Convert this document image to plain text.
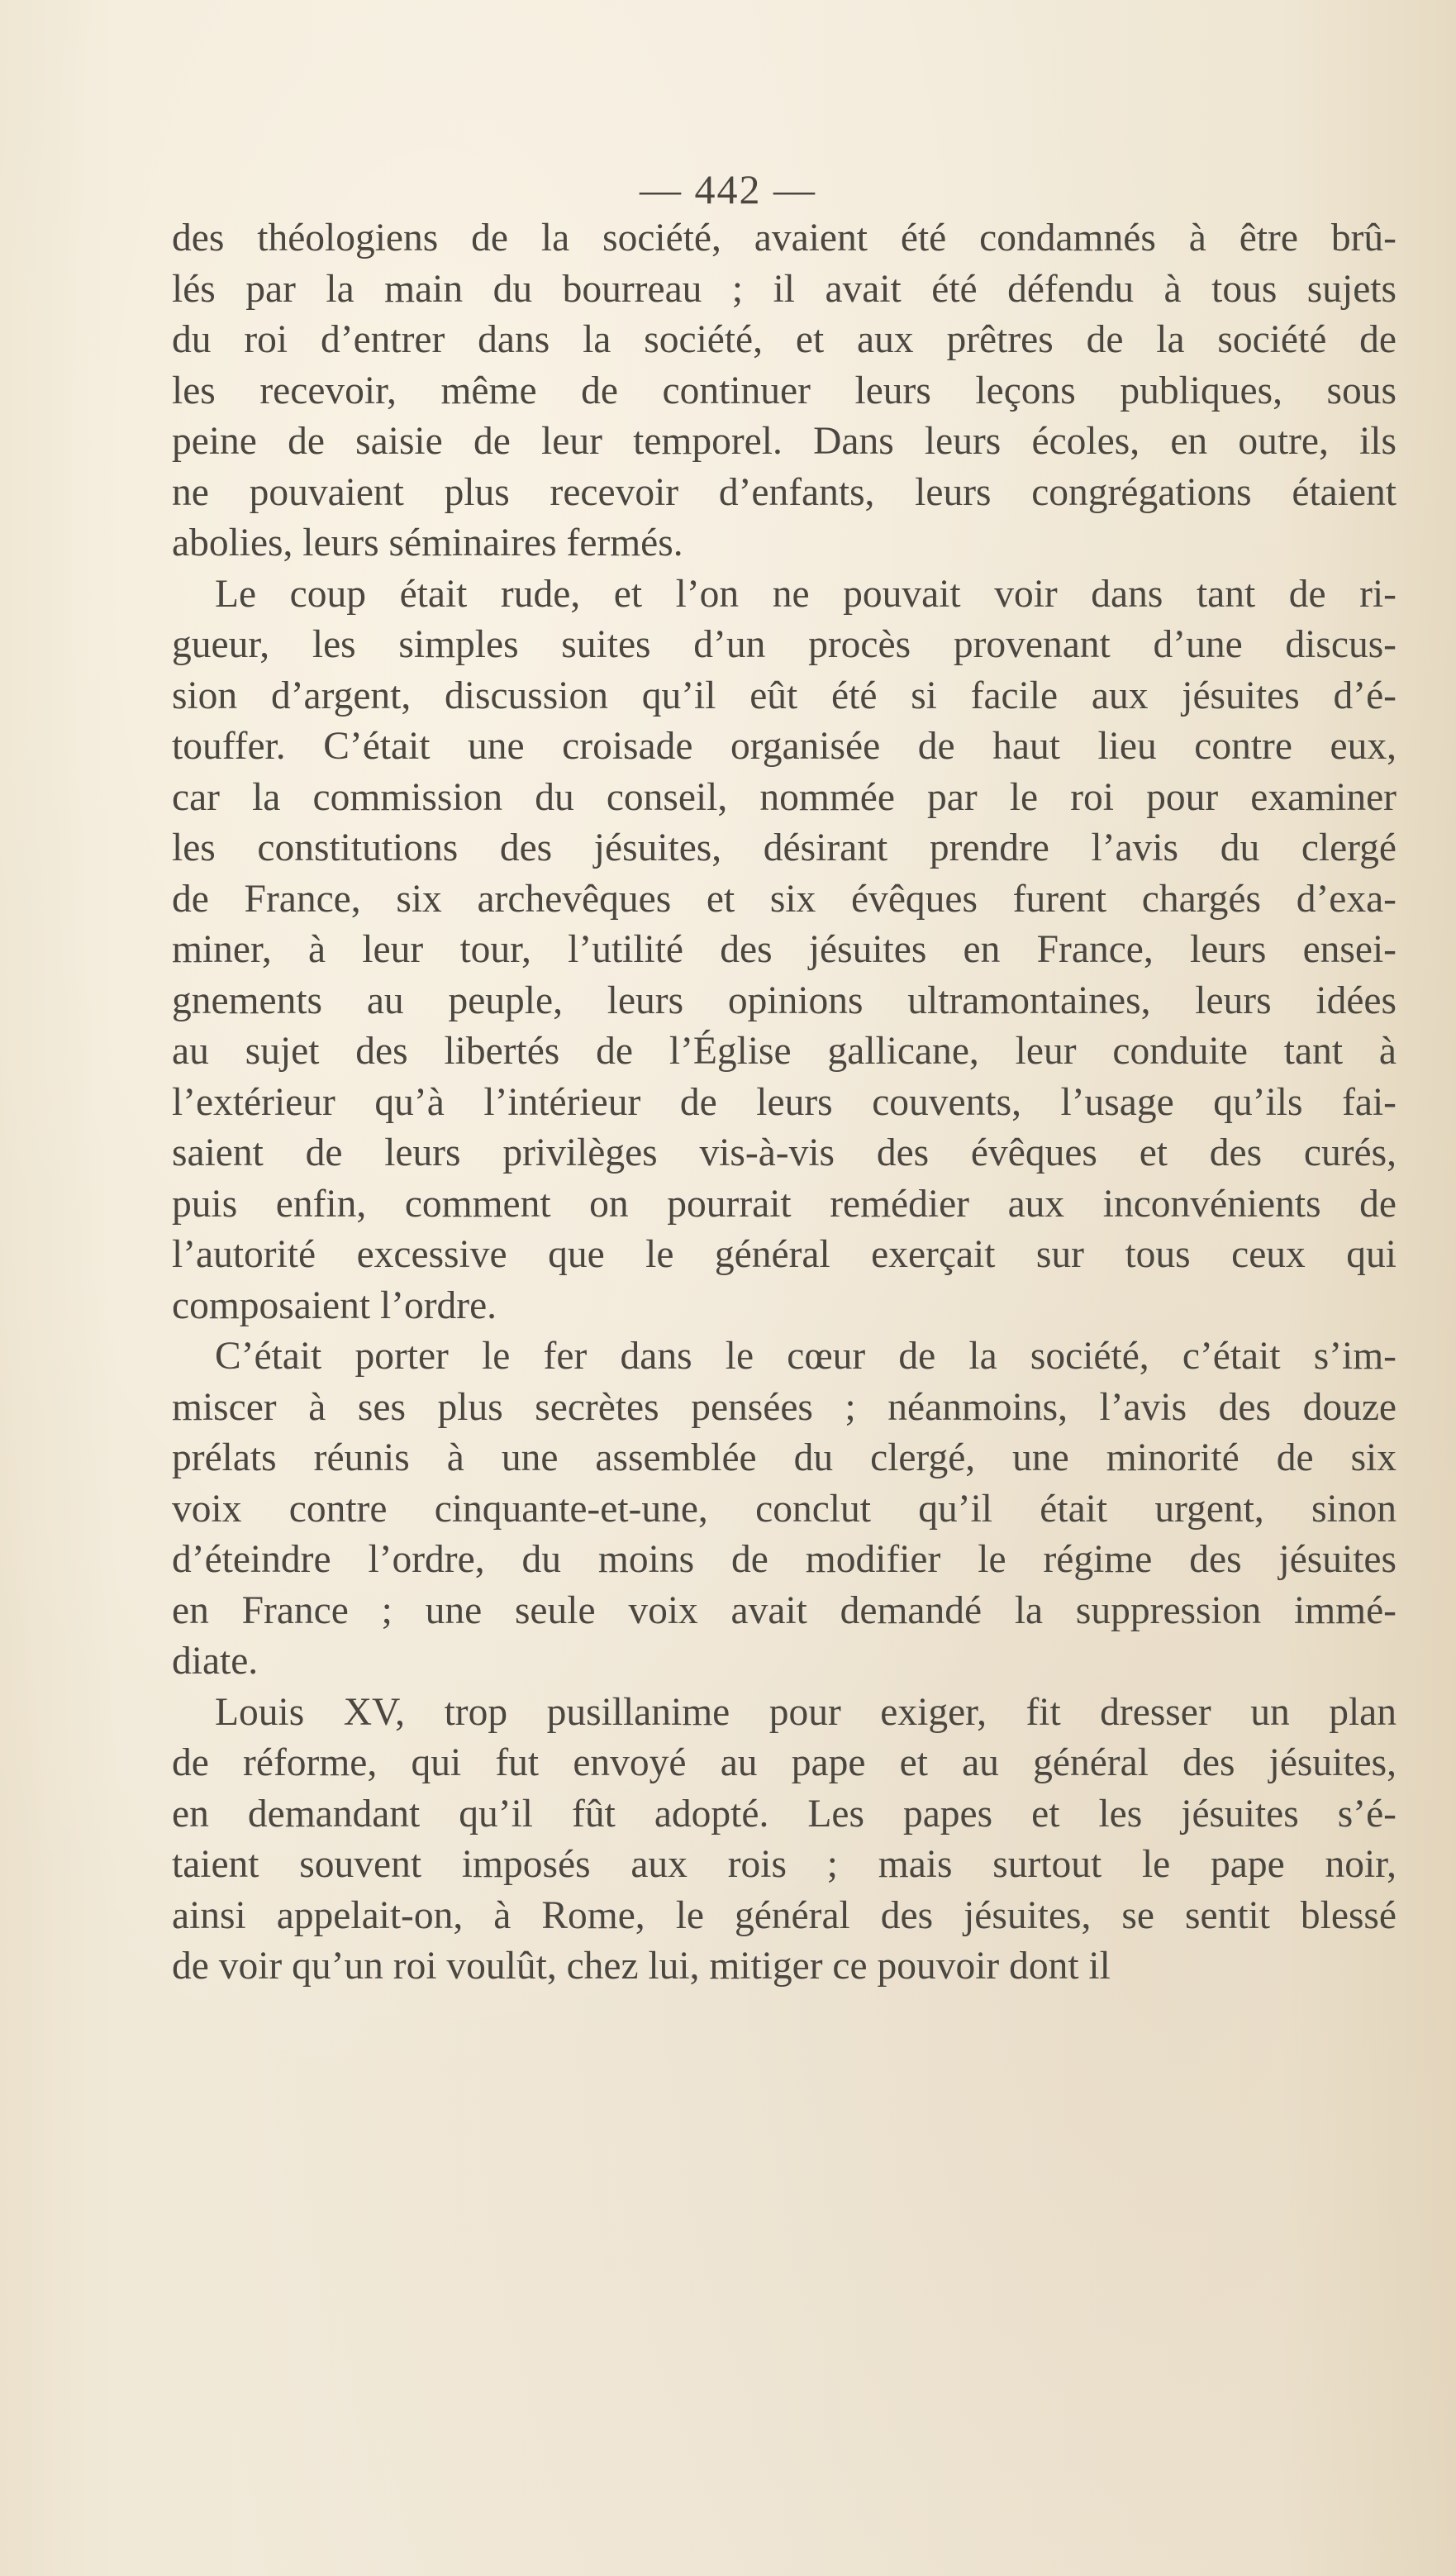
— 442 —
des théologiens de la société, avaient été condamnés à être brû-
lés par la main du bourreau ; il avait été défendu à tous sujets
du roi d’entrer dans la société, et aux prêtres de la société de
les recevoir, même de continuer leurs leçons publiques, sous
peine de saisie de leur temporel. Dans leurs écoles, en outre, ils
ne pouvaient plus recevoir d’enfants, leurs congrégations étaient
abolies, leurs séminaires fermés.
Le coup était rude, et l’on ne pouvait voir dans tant de ri-
gueur, les simples suites d’un procès provenant d’une discus-
sion d’argent, discussion qu’il eût été si facile aux jésuites d’é-
touffer. C’était une croisade organisée de haut lieu contre eux,
car la commission du conseil, nommée par le roi pour examiner
les constitutions des jésuites, désirant prendre l’avis du clergé
de France, six archevêques et six évêques furent chargés d’exa-
miner, à leur tour, l’utilité des jésuites en France, leurs ensei-
gnements au peuple, leurs opinions ultramontaines, leurs idées
au sujet des libertés de l’Église gallicane, leur conduite tant à
l’extérieur qu’à l’intérieur de leurs couvents, l’usage qu’ils fai-
saient de leurs privilèges vis-à-vis des évêques et des curés,
puis enfin, comment on pourrait remédier aux inconvénients de
l’autorité excessive que le général exerçait sur tous ceux qui
composaient l’ordre.
C’était porter le fer dans le cœur de la société, c’était s’im-
miscer à ses plus secrètes pensées ; néanmoins, l’avis des douze
prélats réunis à une assemblée du clergé, une minorité de six
voix contre cinquante-et-une, conclut qu’il était urgent, sinon
d’éteindre l’ordre, du moins de modifier le régime des jésuites
en France ; une seule voix avait demandé la suppression immé-
diate.
Louis XV, trop pusillanime pour exiger, fit dresser un plan
de réforme, qui fut envoyé au pape et au général des jésuites,
en demandant qu’il fût adopté. Les papes et les jésuites s’é-
taient souvent imposés aux rois ; mais surtout le pape noir,
ainsi appelait-on, à Rome, le général des jésuites, se sentit blessé
de voir qu’un roi voulût, chez lui, mitiger ce pouvoir dont il
